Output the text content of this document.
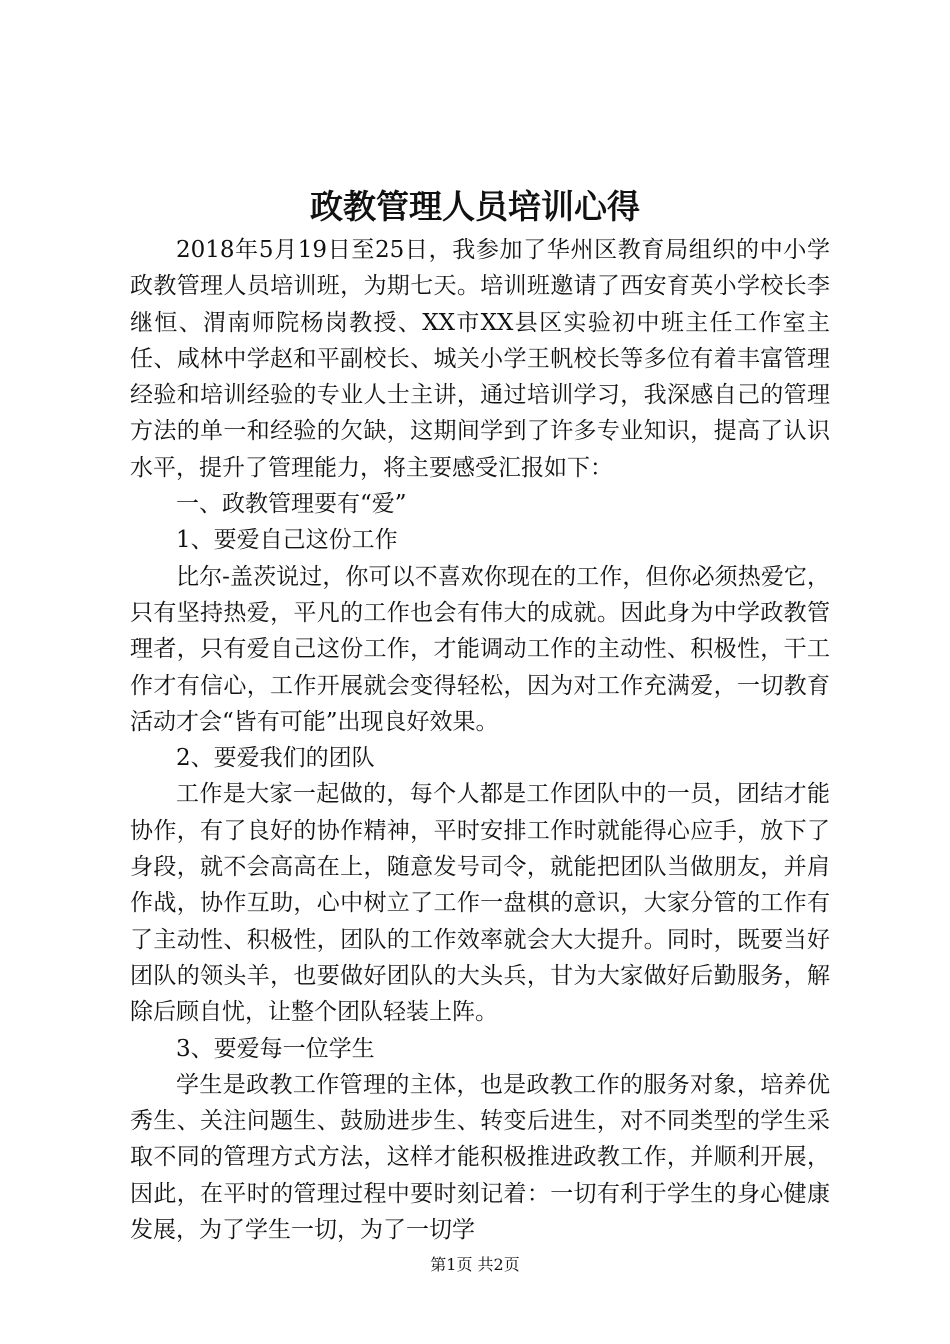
政教管理人员培训心得

2018年5月19日至25日，我参加了华州区教育局组织的中小学政教管理人员培训班，为期七天。培训班邀请了西安育英小学校长李继恒、渭南师院杨岗教授、XX市XX县区实验初中班主任工作室主任、咸林中学赵和平副校长、城关小学王帆校长等多位有着丰富管理经验和培训经验的专业人士主讲，通过培训学习，我深感自己的管理方法的单一和经验的欠缺，这期间学到了许多专业知识，提高了认识水平，提升了管理能力，将主要感受汇报如下：

一、政教管理要有“爱”

1、要爱自己这份工作

比尔-盖茨说过，你可以不喜欢你现在的工作，但你必须热爱它，只有坚持热爱，平凡的工作也会有伟大的成就。因此身为中学政教管理者，只有爱自己这份工作，才能调动工作的主动性、积极性，干工作才有信心，工作开展就会变得轻松，因为对工作充满爱，一切教育活动才会“皆有可能”出现良好效果。

2、要爱我们的团队

工作是大家一起做的，每个人都是工作团队中的一员，团结才能协作，有了良好的协作精神，平时安排工作时就能得心应手，放下了身段，就不会高高在上，随意发号司令，就能把团队当做朋友，并肩作战，协作互助，心中树立了工作一盘棋的意识，大家分管的工作有了主动性、积极性，团队的工作效率就会大大提升。同时，既要当好团队的领头羊，也要做好团队的大头兵，甘为大家做好后勤服务，解除后顾自忧，让整个团队轻装上阵。

3、要爱每一位学生

学生是政教工作管理的主体，也是政教工作的服务对象，培养优秀生、关注问题生、鼓励进步生、转变后进生，对不同类型的学生采取不同的管理方式方法，这样才能积极推进政教工作，并顺利开展，因此，在平时的管理过程中要时刻记着：一切有利于学生的身心健康发展，为了学生一切，为了一切学

第1页 共2页
